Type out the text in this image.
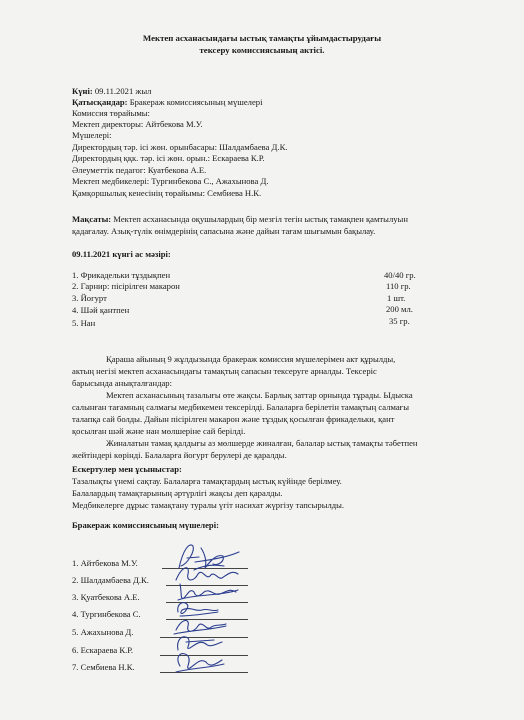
Мектеп асханасындағы ыстық тамақты ұйымдастырудағы
тексеру комиссиясының актісі.
Күні: 09.11.2021 жыл
Қатысқандар: Бракераж комиссиясының мүшелері
Комиссия төрайымы:
Мектеп директоры: Айтбекова М.У.
Мүшелері:
Директордың тәр. ісі жөн. орынбасары: Шалдамбаева Д.К.
Директордың ққк. тәр. ісі жөн. орын.: Ескараева К.Р.
Әлеуметтік педагог: Куатбекова А.Е.
Мектеп медбикелері: Тургинбекова С., Ажахынова Д.
Қамқоршылық кенесінің төрайымы: Сембиева Н.К.
Мақсаты: Мектеп асханасында оқушылардың бір мезгіл тегін ыстық тамақпен қамтылуын
қадағалау. Азық-түлік өнімдерінің сапасына және дайын тағам шығымын бақылау.
09.11.2021 күнгі ас мәзірі:
1. Фрикадельки тұздықпен	40/40 гр.
2. Гарнир: пісірілген макарон	110 гр.
3. Йогурт	1 шт.
4. Шәй қантпен	200 мл.
5. Нан	35 гр.
Қараша айының 9 жұлдызында бракераж комиссия мүшелерімен акт құрылды,
актың негізі мектеп асханасындағы тамақтың сапасын тексеруге арналды. Тексеріс
барысында анықталғандар:
Мектеп асханасының тазалығы өте жақсы. Барлық заттар орнында тұрады. Ыдыска
салынған тағамның салмағы медбикемен тексерілді. Балаларға берілетін тамақтың салмағы
талапқа сай болды. Дайын пісірілген макарон және тұздық қосылған фрикадельки, қант
қосылған шәй және нан мөлшеріне сай берілді.
Жиналатын тамақ қалдығы аз мөлшерде жиналған, балалар ыстық тамақты тәбетпен
жейтіндері көрінді. Балаларға йогурт берулері де қаралды.
Ескертулер мен ұсыныстар:
Тазалықты үнемі сақтау. Балаларға тамақтардың ыстық күйінде берілмеу.
Балалардың тамақтарының әртүрлігі жақсы деп қаралды.
Медбикелерге дұрыс тамақтану туралы үгіт насихат жүргізу тапсырылды.
Бракераж комиссиясының мүшелері:
1. Айтбекова М.У.
2. Шалдамбаева Д.К.
3. Қуатбекова А.Е.
4. Тургинбекова С.
5. Ажахынова Д.
6. Ескараева К.Р.
7. Сембиева Н.К.
